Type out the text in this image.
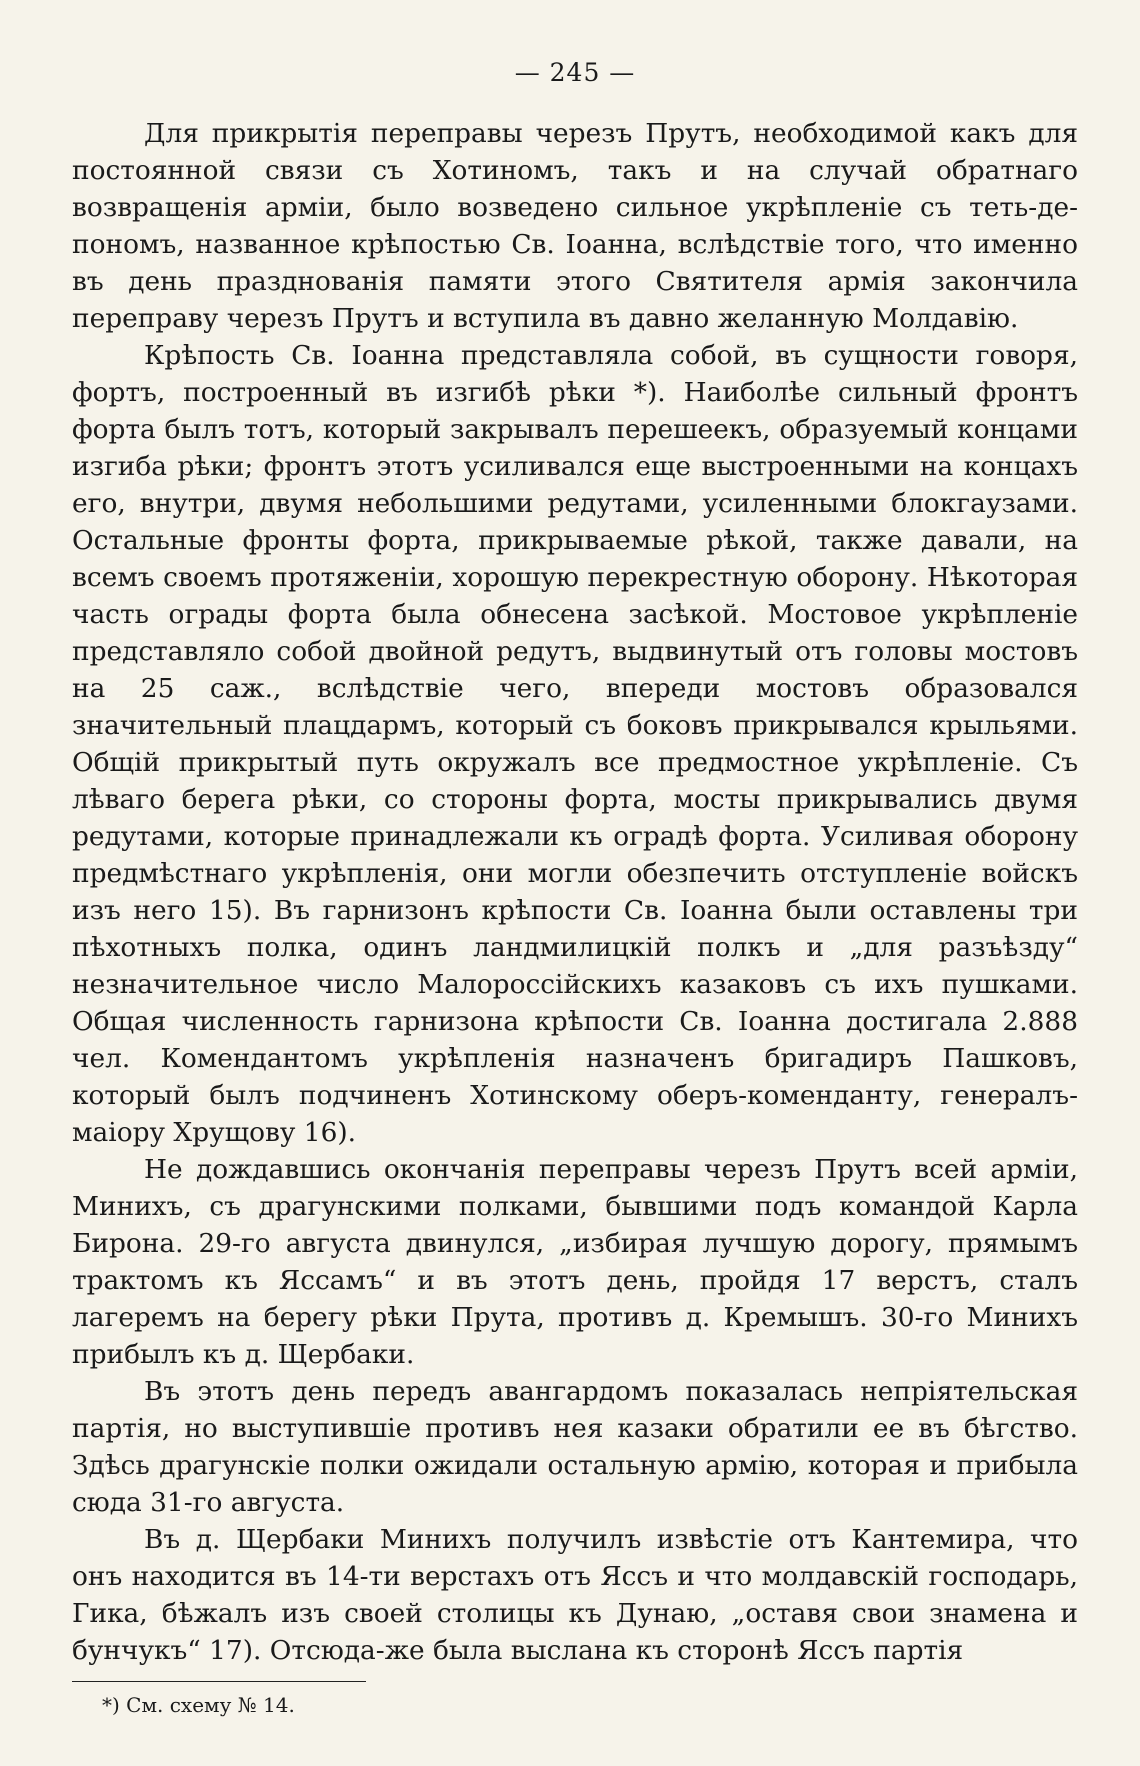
— 245 —

Для прикрытія переправы черезъ Прутъ, необходимой какъ для постоянной связи съ Хотиномъ, такъ и на случай обратнаго возвращенія арміи, было возведено сильное укрѣпленіе съ теть-де-пономъ, названное крѣпостью Св. Іоанна, вслѣдствіе того, что именно въ день празднованія памяти этого Святителя армія закончила переправу черезъ Прутъ и вступила въ давно желанную Молдавію.

Крѣпость Св. Іоанна представляла собой, въ сущности говоря, фортъ, построенный въ изгибѣ рѣки *). Наиболѣе сильный фронтъ форта былъ тотъ, который закрывалъ перешеекъ, образуемый концами изгиба рѣки; фронтъ этотъ усиливался еще выстроенными на концахъ его, внутри, двумя небольшими редутами, усиленными блокгаузами. Остальные фронты форта, прикрываемые рѣкой, также давали, на всемъ своемъ протяженіи, хорошую перекрестную оборону. Нѣкоторая часть ограды форта была обнесена засѣкой. Мостовое укрѣпленіе представляло собой двойной редутъ, выдвинутый отъ головы мостовъ на 25 саж., вслѣдствіе чего, впереди мостовъ образовался значительный плацдармъ, который съ боковъ прикрывался крыльями. Общій прикрытый путь окружалъ все предмостное укрѣпленіе. Съ лѣваго берега рѣки, со стороны форта, мосты прикрывались двумя редутами, которые принадлежали къ оградѣ форта. Усиливая оборону предмѣстнаго укрѣпленія, они могли обезпечить отступленіе войскъ изъ него 15). Въ гарнизонъ крѣпости Св. Іоанна были оставлены три пѣхотныхъ полка, одинъ ландмилицкій полкъ и „для разъѣзду“ незначительное число Малороссійскихъ казаковъ съ ихъ пушками. Общая численность гарнизона крѣпости Св. Іоанна достигала 2.888 чел. Комендантомъ укрѣпленія назначенъ бригадиръ Пашковъ, который былъ подчиненъ Хотинскому оберъ-коменданту, генералъ-маіору Хрущову 16).

Не дождавшись окончанія переправы черезъ Прутъ всей арміи, Минихъ, съ драгунскими полками, бывшими подъ командой Карла Бирона. 29-го августа двинулся, „избирая лучшую дорогу, прямымъ трактомъ къ Яссамъ“ и въ этотъ день, пройдя 17 верстъ, сталъ лагеремъ на берегу рѣки Прута, противъ д. Кремышъ. 30-го Минихъ прибылъ къ д. Щербаки.

Въ этотъ день передъ авангардомъ показалась непріятельская партія, но выступившіе противъ нея казаки обратили ее въ бѣгство. Здѣсь драгунскіе полки ожидали остальную армію, которая и прибыла сюда 31-го августа.

Въ д. Щербаки Минихъ получилъ извѣстіе отъ Кантемира, что онъ находится въ 14-ти верстахъ отъ Яссъ и что молдавскій господарь, Гика, бѣжалъ изъ своей столицы къ Дунаю, „оставя свои знамена и бунчукъ“ 17). Отсюда-же была выслана къ сторонѣ Яссъ партія

*) См. схему № 14.
